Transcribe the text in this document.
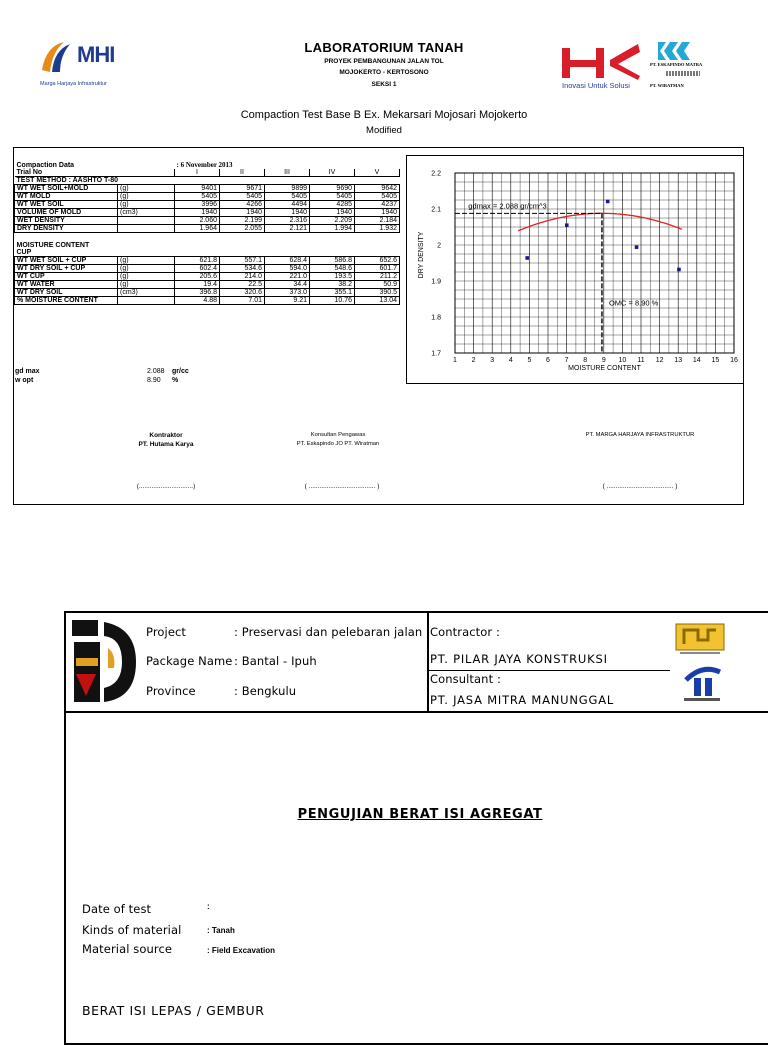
MHI
Marga Harjaya Infrastruktur
LABORATORIUM TANAH
PROYEK PEMBANGUNAN JALAN TOL
MOJOKERTO - KERTOSONO
SEKSI 1	Inovasi Untuk Solusi
PT. ESKAPINDO MATRA
PT. WIRATMAN
Compaction Test Base B Ex. Mekarsari Mojosari Mojokerto
Modified
Compaction Data		: 6 November 2013				
Trial No		I	II	III	IV	V
TEST METHOD : AASHTO T-80						
WT WET SOIL+MOLD	(g)	9401	9671	9899	9690	9642
WT MOLD	(g)	5405	5405	5405	5405	5405
WT WET SOIL	(g)	3996	4266	4494	4285	4237
VOLUME OF MOLD	(cm3)	1940	1940	1940	1940	1940
WET DENSITY		2.060	2.199	2.316	2.209	2.184
DRY DENSITY		1.964	2.055	2.121	1.994	1.932

MOISTURE CONTENT						
CUP						
WT WET SOIL + CUP	(g)	621.8	557.1	628.4	586.8	652.6
WT DRY SOIL + CUP	(g)	602.4	534.6	594.0	548.6	601.7
WT CUP	(g)	205.6	214.0	221.0	193.5	211.2
WT WATER	(g)	19.4	22.5	34.4	38.2	50.9
WT DRY SOIL	(cm3)	396.8	320.6	373.0	355.1	390.5
% MOISTURE CONTENT		4.88	7.01	9.21	10.76	13.04
gd max	2.088 gr/cc
w opt	8.90 %
Kontraktor
PT. Hutama Karya
(..............................)
Konsultan Pengawas
PT. Eskapindo JO PT. Wiratman
( ..................................... )
PT. MARGA HARJAYA INFRASTRUKTUR
( ..................................... )
1 2 3 4 5 6 7 8 9 10 11 12 13 14 15 16
1.7
1.8
1.9
2
2.1
2.2
MOISTURE CONTENT
DRY DENSITY
gdmax = 2.088 gr/cm^3
OMC = 8.90 %
Project	: Preservasi dan pelebaran jalan
Package Name : Bantal - Ipuh
Province	: Bengkulu
Contractor :
PT. PILAR JAYA KONSTRUKSI
Consultant :
PT. JASA MITRA MANUNGGAL
PENGUJIAN BERAT ISI AGREGAT
Date of test	:
Kinds of material	: Tanah
Material source	: Field Excavation
BERAT ISI LEPAS / GEMBUR
